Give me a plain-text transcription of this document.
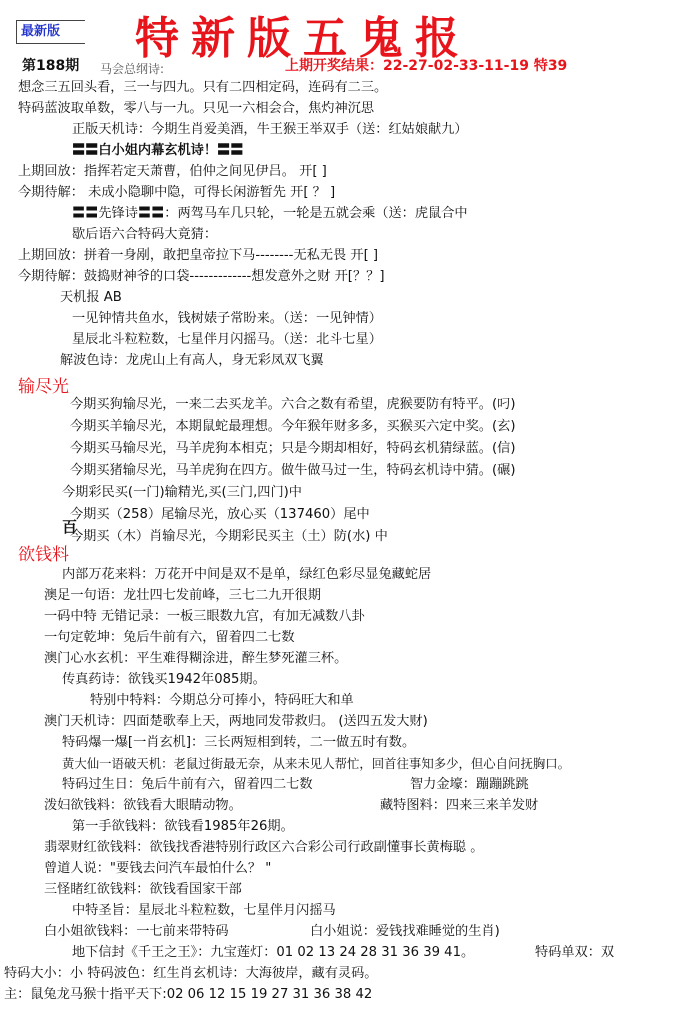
最新版	特新版五鬼报
马会总纲诗:
第188期	上期开奖结果：22-27-02-33-11-19 特39
想念三五回头看，三一与四九。只有二四相定码，连码有二三。
特码蓝波取单数，零八与一九。只见一六相会合，焦灼神沉思
正版天机诗：今期生肖爱美酒，牛王猴王举双手（送：红姑娘献九）
〓〓白小姐内幕玄机诗！〓〓
上期回放：指挥若定天萧曹，伯仲之间见伊吕。 开[ ]
今期待解： 未成小隐聊中隐，可得长闲游暂先 开[ ？ ]
〓〓先锋诗〓〓：两驾马车几只轮，一轮是五就会乘（送：虎鼠合中
歇后语六合特码大竟猜：
上期回放：拼着一身剐，敢把皇帝拉下马--------无私无畏 开[ ]
今期待解：鼓捣财神爷的口袋-------------想发意外之财 开[？？]
天机报 AB
一见钟情共鱼水，钱树婊子常盼来。（送：一见钟情）
星辰北斗粒粒数，七星伴月闪摇马。（送：北斗七星）
解波色诗：龙虎山上有高人，身无彩凤双飞翼
输尽光
今期买狗输尽光，一来二去买龙羊。六合之数有希望，虎猴要防有特平。(叼)
今期买羊输尽光，本期鼠蛇最理想。今年猴年财多多，买猴买六定中奖。(玄)
今期买马输尽光，马羊虎狗本相克；只是今期却相好，特码玄机猜绿蓝。(信)
今期买猪输尽光，马羊虎狗在四方。做牛做马过一生，特码玄机诗中猜。(碾)
今期彩民买(一门)输精光,买(三门,四门)中
今期买（258）尾输尽光，放心买（137460）尾中
今期买（木）肖输尽光，今期彩民买主（土）防(水) 中
百
欲钱料
内部万花来料：万花开中间是双不是单，绿红色彩尽显兔藏蛇居
澳足一句语：龙壮四七发前峰，三七二九开很期
一码中特 无错记录：一板三眼数九宫，有加无减数八卦
一句定乾坤：兔后牛前有六，留着四二七数
澳门心水玄机：平生难得糊涂进，醉生梦死灌三杯。
传真药诗：欲钱买1942年085期。
特别中特料：今期总分可捧小，特码旺大和单
澳门天机诗：四面楚歌奉上天，两地同发带救归。 (送四五发大财)
特码爆一爆[一肖玄机]：三长两短相到转，二一做五时有数。
黄大仙一语破天机：老鼠过街最无奈，从来未见人帮忙，回首往事知多少，但心自问抚胸口。
特码过生日：兔后牛前有六，留着四二七数	智力金壕：蹦蹦跳跳
泼妇欲钱料：欲钱看大眼睛动物。	藏特图料：四来三来羊发财
第一手欲钱料：欲钱看1985年26期。
翡翠财红欲钱料：欲钱找香港特别行政区六合彩公司行政副懂事长黄梅聪 。
曾道人说："要钱去问汽车最怕什么？ "
三怪睹红欲钱料：欲钱看国家干部
中特圣旨：星辰北斗粒粒数，七星伴月闪摇马
白小姐欲钱料：一七前来带特码	白小姐说：爱钱找难睡觉的生肖)
地下信封《千王之王》：九宝莲灯：01 02 13 24 28 31 36 39 41。	特码单双：双
特码大小：小 特码波色：红生肖玄机诗：大海彼岸，藏有灵码。
主：鼠兔龙马猴十指平天下:02 06 12 15 19 27 31 36 38 42
